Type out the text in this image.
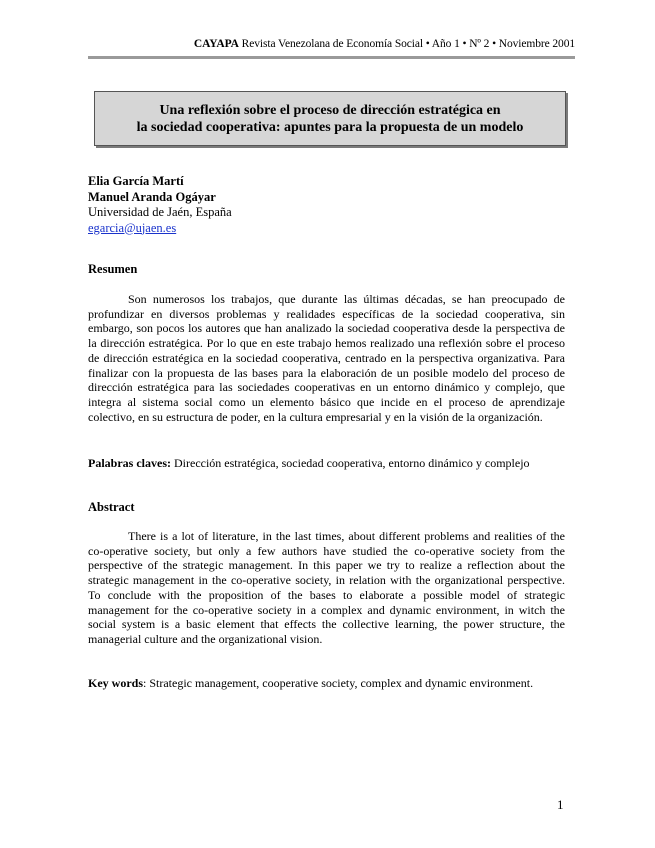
CAYAPA Revista Venezolana de Economía Social • Año 1 • Nº 2 • Noviembre 2001
Una reflexión sobre el proceso de dirección estratégica en
la sociedad cooperativa: apuntes para la propuesta de un modelo
Elia García Martí
Manuel Aranda Ogáyar
Universidad de Jaén, España
egarcia@ujaen.es
Resumen

Son numerosos los trabajos, que durante las últimas décadas, se han preocupado de profundizar en diversos problemas y realidades específicas de la sociedad cooperativa, sin embargo, son pocos los autores que han analizado la sociedad cooperativa desde la perspectiva de la dirección estratégica. Por lo que en este trabajo hemos realizado una reflexión sobre el proceso de dirección estratégica en la sociedad cooperativa, centrado en la perspectiva organizativa. Para finalizar con la propuesta de las bases para la elaboración de un posible modelo del proceso de dirección estratégica para las sociedades cooperativas en un entorno dinámico y complejo, que integra al sistema social como un elemento básico que incide en el proceso de aprendizaje colectivo, en su estructura de poder, en la cultura empresarial y en la visión de la organización.

Palabras claves: Dirección estratégica, sociedad cooperativa, entorno dinámico y complejo

Abstract

There is a lot of literature, in the last times, about different problems and realities of the co-operative society, but only a few authors have studied the co-operative society from the perspective of the strategic management. In this paper we try to realize a reflection about the strategic management in the co-operative society, in relation with the organizational perspective. To conclude with the proposition of the bases to elaborate a possible model of strategic management for the co-operative society in a complex and dynamic environment, in witch the social system is a basic element that effects the collective learning, the power structure, the managerial culture and the organizational vision.

Key words: Strategic management, cooperative society, complex and dynamic environment.

1
